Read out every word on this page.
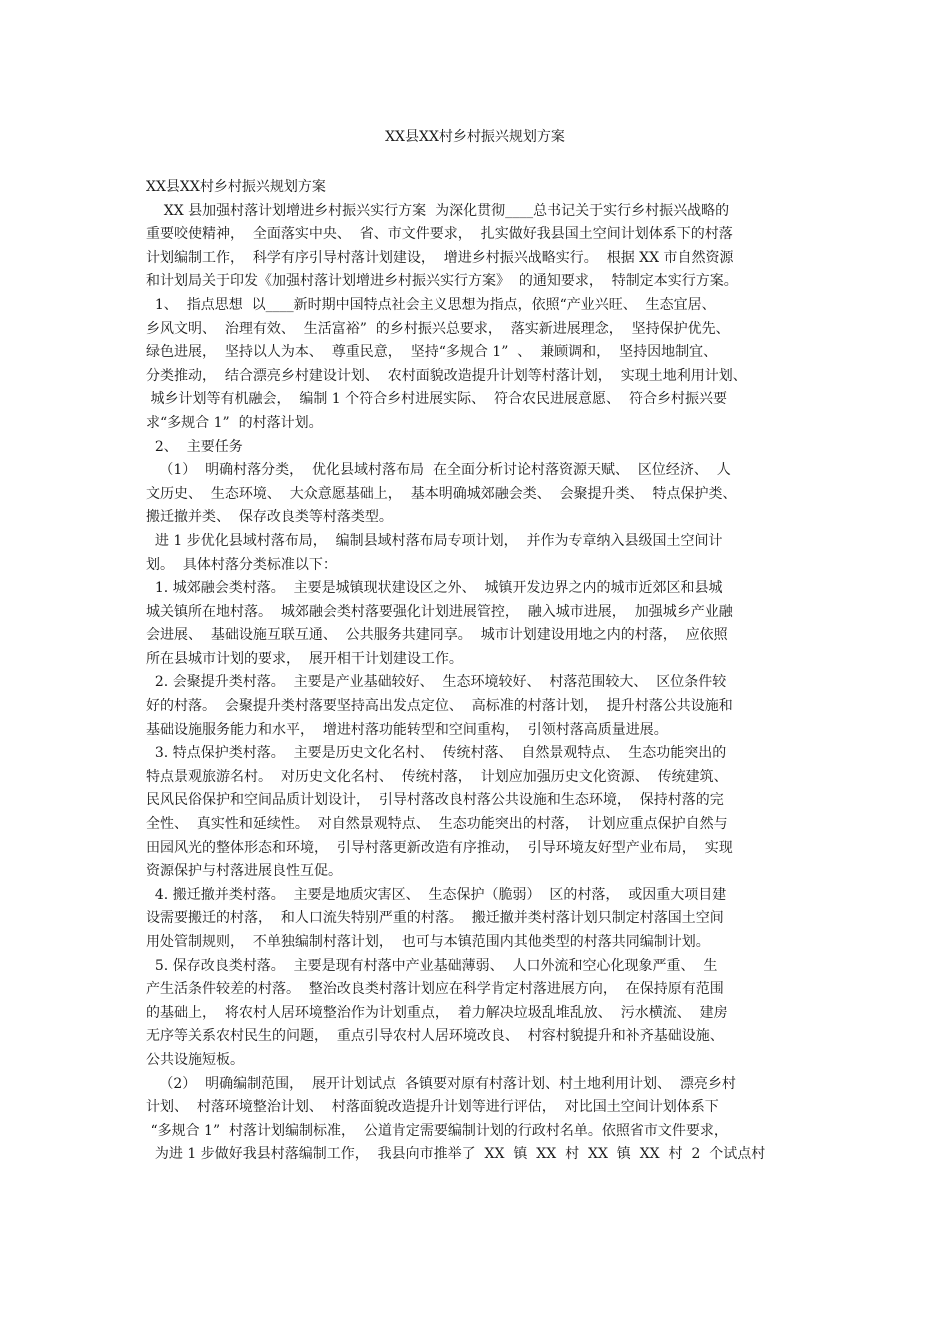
XX县XX村乡村振兴规划方案
XX县XX村乡村振兴规划方案
XX 县加强村落计划增进乡村振兴实行方案  为深化贯彻____总书记关于实行乡村振兴战略的
重要咬使精神，  全面落实中央、  省、市文件要求，  扎实做好我县国土空间计划体系下的村落
计划编制工作，  科学有序引导村落计划建设，  增进乡村振兴战略实行。  根据 XX 市自然资源
和计划局关于印发《加强村落计划增进乡村振兴实行方案》  的通知要求，  特制定本实行方案。
1、  指点思想  以____新时期中国特点社会主义思想为指点，依照“产业兴旺、  生态宜居、
乡风文明、  治理有效、  生活富裕”  的乡村振兴总要求，  落实新进展理念，  坚持保护优先、
绿色进展，  坚持以人为本、  尊重民意，  坚持“多规合 1”  、  兼顾调和，  坚持因地制宜、
分类推动，  结合漂亮乡村建设计划、  农村面貌改造提升计划等村落计划，  实现土地利用计划、
城乡计划等有机融会，  编制 1 个符合乡村进展实际、  符合农民进展意愿、  符合乡村振兴要
求“多规合 1”  的村落计划。
2、  主要任务
（1）  明确村落分类，  优化县域村落布局  在全面分析讨论村落资源天赋、  区位经济、  人
文历史、  生态环境、  大众意愿基础上，  基本明确城郊融会类、  会聚提升类、  特点保护类、
搬迁撤并类、  保存改良类等村落类型。
进 1 步优化县域村落布局，  编制县域村落布局专项计划，  并作为专章纳入县级国土空间计
划。  具体村落分类标准以下：
1. 城郊融会类村落。  主要是城镇现状建设区之外、  城镇开发边界之内的城市近郊区和县城
城关镇所在地村落。  城郊融会类村落要强化计划进展管控，  融入城市进展，  加强城乡产业融
会进展、  基础设施互联互通、  公共服务共建同享。  城市计划建设用地之内的村落，  应依照
所在县城市计划的要求，  展开相干计划建设工作。
2. 会聚提升类村落。  主要是产业基础较好、  生态环境较好、  村落范围较大、  区位条件较
好的村落。  会聚提升类村落要坚持高出发点定位、  高标准的村落计划，  提升村落公共设施和
基础设施服务能力和水平，  增进村落功能转型和空间重构，  引领村落高质量进展。
3. 特点保护类村落。  主要是历史文化名村、  传统村落、  自然景观特点、  生态功能突出的
特点景观旅游名村。  对历史文化名村、  传统村落，  计划应加强历史文化资源、  传统建筑、
民风民俗保护和空间品质计划设计，  引导村落改良村落公共设施和生态环境，  保持村落的完
全性、  真实性和延续性。  对自然景观特点、  生态功能突出的村落，  计划应重点保护自然与
田园风光的整体形态和环境，  引导村落更新改造有序推动，  引导环境友好型产业布局，  实现
资源保护与村落进展良性互促。
4. 搬迁撤并类村落。  主要是地质灾害区、  生态保护（脆弱）  区的村落，  或因重大项目建
设需要搬迁的村落，  和人口流失特别严重的村落。  搬迁撤并类村落计划只制定村落国土空间
用处管制规则，  不单独编制村落计划，  也可与本镇范围内其他类型的村落共同编制计划。
5. 保存改良类村落。  主要是现有村落中产业基础薄弱、  人口外流和空心化现象严重、  生
产生活条件较差的村落。  整治改良类村落计划应在科学肯定村落进展方向，  在保持原有范围
的基础上，  将农村人居环境整治作为计划重点，  着力解决垃圾乱堆乱放、  污水横流、  建房
无序等关系农村民生的问题，  重点引导农村人居环境改良、  村容村貌提升和补齐基础设施、
公共设施短板。
（2）  明确编制范围，  展开计划试点  各镇要对原有村落计划、村土地利用计划、  漂亮乡村
计划、  村落环境整治计划、  村落面貌改造提升计划等进行评估，  对比国土空间计划体系下
“多规合 1”  村落计划编制标准，  公道肯定需要编制计划的行政村名单。依照省市文件要求，
为进 1 步做好我县村落编制工作，  我县向市推举了  XX  镇  XX  村  XX  镇  XX  村  2  个试点村
